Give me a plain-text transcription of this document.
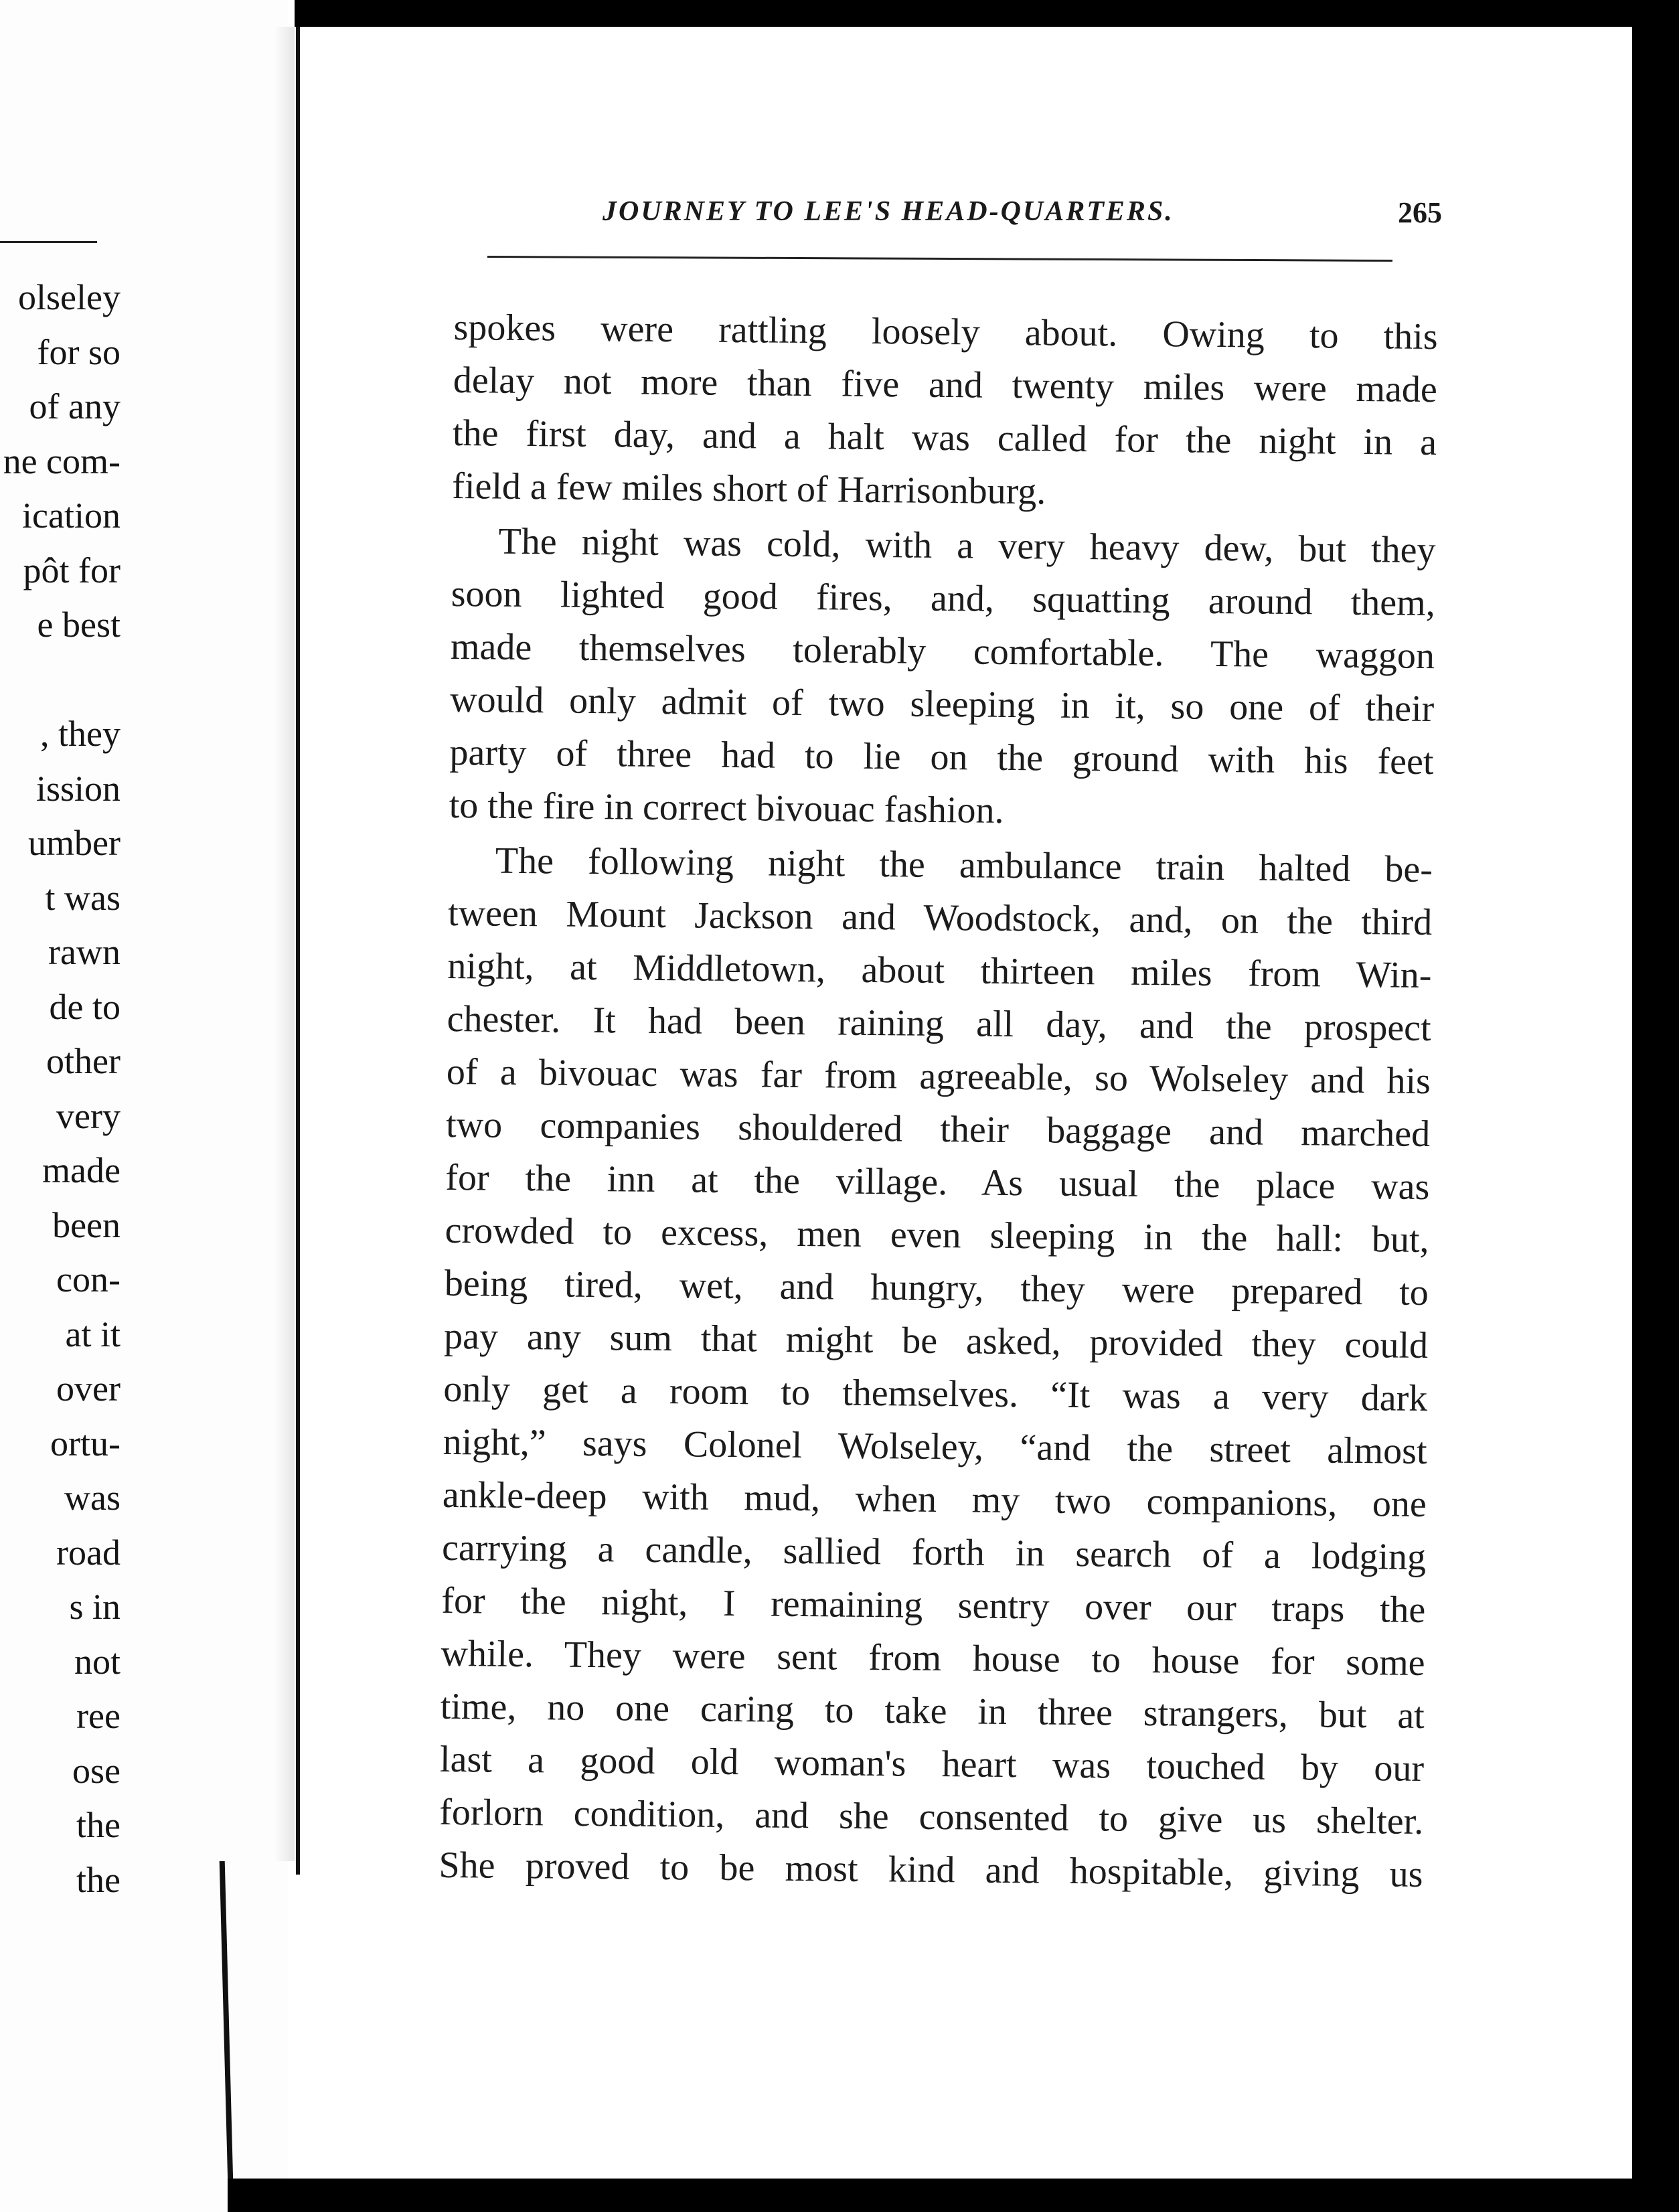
olseley
for so
of any
ne com-
ication
pôt for
e best
, they
ission
umber
t was
rawn
de to
other
very
made
been
con-
at it
over
ortu-
was
road
s in
not
ree
ose
the
the
JOURNEY TO LEE'S HEAD-QUARTERS.	265
spokes were rattling loosely about. Owing to this
delay not more than five and twenty miles were made
the first day, and a halt was called for the night in a
field a few miles short of Harrisonburg.
The night was cold, with a very heavy dew, but they
soon lighted good fires, and, squatting around them,
made themselves tolerably comfortable. The waggon
would only admit of two sleeping in it, so one of their
party of three had to lie on the ground with his feet
to the fire in correct bivouac fashion.
The following night the ambulance train halted be-
tween Mount Jackson and Woodstock, and, on the third
night, at Middletown, about thirteen miles from Win-
chester. It had been raining all day, and the prospect
of a bivouac was far from agreeable, so Wolseley and his
two companies shouldered their baggage and marched
for the inn at the village. As usual the place was
crowded to excess, men even sleeping in the hall: but,
being tired, wet, and hungry, they were prepared to
pay any sum that might be asked, provided they could
only get a room to themselves. “It was a very dark
night,” says Colonel Wolseley, “and the street almost
ankle-deep with mud, when my two companions, one
carrying a candle, sallied forth in search of a lodging
for the night, I remaining sentry over our traps the
while. They were sent from house to house for some
time, no one caring to take in three strangers, but at
last a good old woman's heart was touched by our
forlorn condition, and she consented to give us shelter.
She proved to be most kind and hospitable, giving us
